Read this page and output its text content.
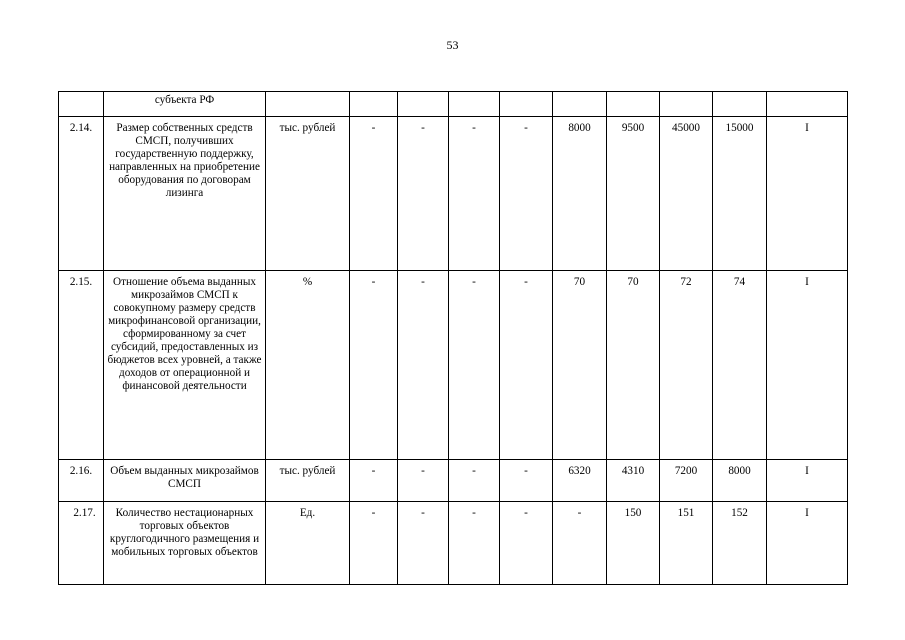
53
	субъекта РФ										
2.14.	Размер собственных средств СМСП, получивших государственную поддержку, направленных на приобретение оборудования по договорам лизинга	тыс. рублей	-	-	-	-	8000	9500	45000	15000	I
2.15.	Отношение объема выданных микрозаймов СМСП к совокупному размеру средств микрофинансовой организации, сформированному за счет субсидий, предоставленных из бюджетов всех уровней, а также доходов от операционной и финансовой деятельности	%	-	-	-	-	70	70	72	74	I
2.16.	Объем выданных микрозаймов СМСП	тыс. рублей	-	-	-	-	6320	4310	7200	8000	I
2.17.	Количество нестационарных торговых объектов круглогодичного размещения и мобильных торговых объектов	Ед.	-	-	-	-	-	150	151	152	I
